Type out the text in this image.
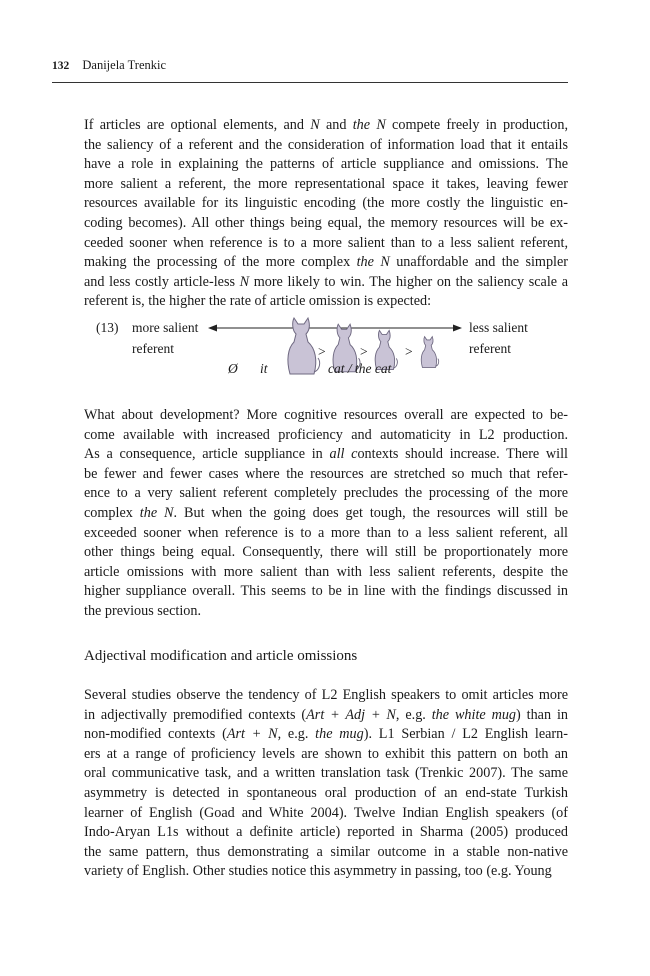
132 Danijela Trenkic
If articles are optional elements, and N and the N compete freely in production,
the saliency of a referent and the consideration of information load that it entails
have a role in explaining the patterns of article suppliance and omissions. The
more salient a referent, the more representational space it takes, leaving fewer
resources available for its linguistic encoding (the more costly the linguistic en-
coding becomes). All other things being equal, the memory resources will be ex-
ceeded sooner when reference is to a more salient than to a less salient referent,
making the processing of the more complex the N unaffordable and the simpler
and less costly article-less N more likely to win. The higher on the saliency scale a
referent is, the higher the rate of article omission is expected:
(13) more salient
referent
less salient
referent
>	>	>
Ø it	cat / the cat
What about development? More cognitive resources overall are expected to be-
come available with increased proficiency and automaticity in L2 production.
As a consequence, article suppliance in all contexts should increase. There will
be fewer and fewer cases where the resources are stretched so much that refer-
ence to a very salient referent completely precludes the processing of the more
complex the N. But when the going does get tough, the resources will still be
exceeded sooner when reference is to a more than to a less salient referent, all
other things being equal. Consequently, there will still be proportionately more
article omissions with more salient than with less salient referents, despite the
higher suppliance overall. This seems to be in line with the findings discussed in
the previous section.
Adjectival modification and article omissions
Several studies observe the tendency of L2 English speakers to omit articles more
in adjectivally premodified contexts (Art + Adj + N, e.g. the white mug) than in
non-modified contexts (Art + N, e.g. the mug). L1 Serbian / L2 English learn-
ers at a range of proficiency levels are shown to exhibit this pattern on both an
oral communicative task, and a written translation task (Trenkic 2007). The same
asymmetry is detected in spontaneous oral production of an end-state Turkish
learner of English (Goad and White 2004). Twelve Indian English speakers (of
Indo-Aryan L1s without a definite article) reported in Sharma (2005) produced
the same pattern, thus demonstrating a similar outcome in a stable non-native
variety of English. Other studies notice this asymmetry in passing, too (e.g. Young
